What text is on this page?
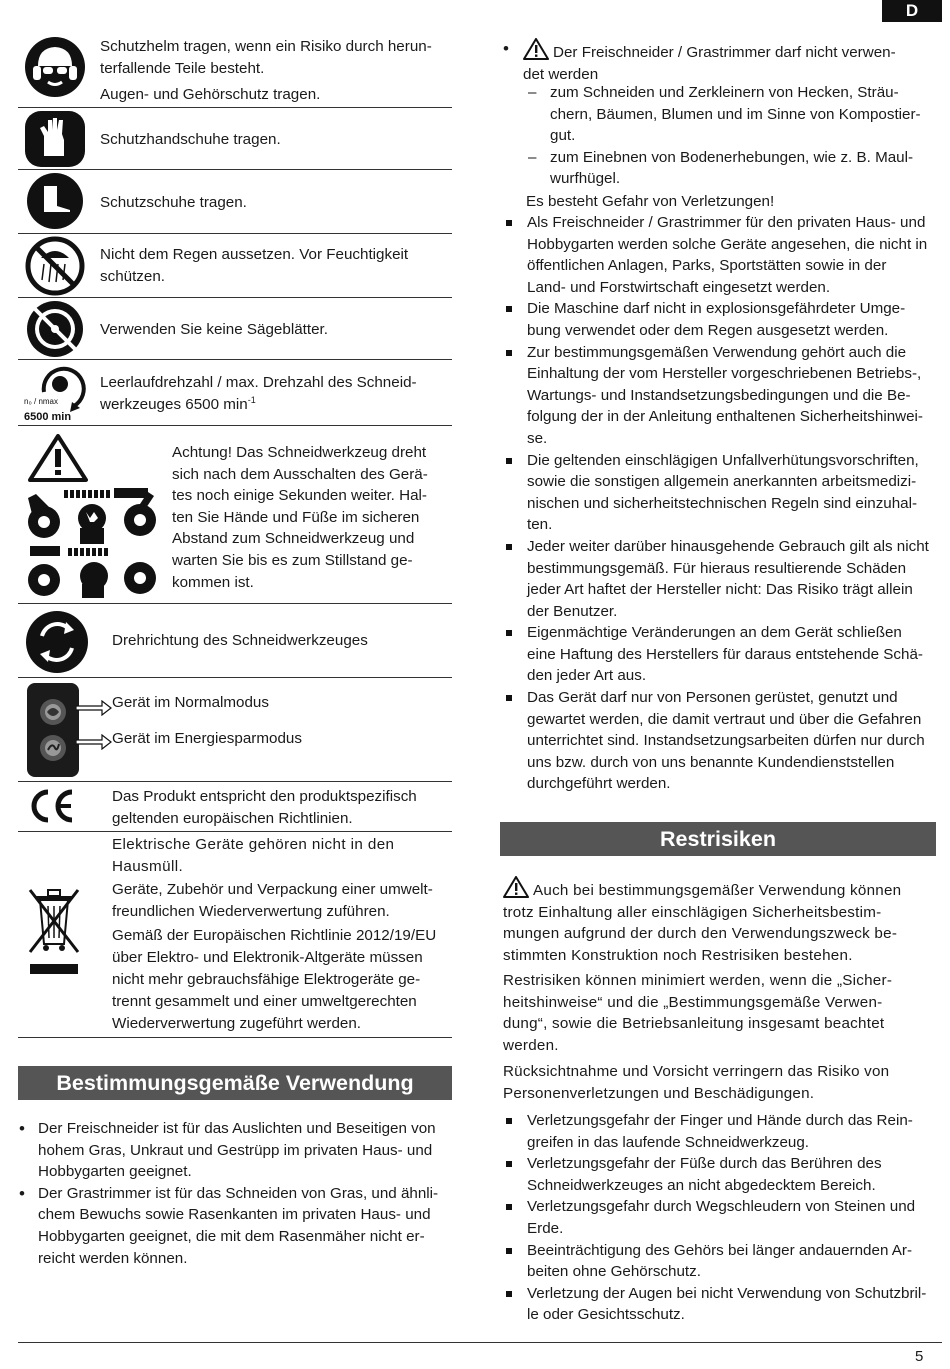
D

Schutzhelm tragen, wenn ein Risiko durch herun-

terfallende Teile besteht.

Augen- und Gehörschutz tragen.

Schutzhandschuhe tragen.

Schutzschuhe tragen.

Nicht dem Regen aussetzen. Vor Feuchtigkeit

schützen.

Verwenden Sie keine Sägeblätter.

n₀ / nmax
6500 min

Leerlaufdrehzahl / max. Drehzahl des Schneid-

werkzeuges 6500 $\min^{-1}$

Achtung! Das Schneidwerkzeug dreht

sich nach dem Ausschalten des Gerä-

tes noch einige Sekunden weiter. Hal-

ten Sie Hände und Füße im sicheren

Abstand zum Schneidwerkzeug und

warten Sie bis es zum Stillstand ge-

kommen ist.

Drehrichtung des Schneidwerkzeuges

Gerät im Normalmodus

Gerät im Energiesparmodus

Das Produkt entspricht den produktspezifisch

geltenden europäischen Richtlinien.

Elektrische Geräte gehören nicht in den

Hausmüll.

Geräte, Zubehör und Verpackung einer umwelt-

freundlichen Wiederverwertung zuführen.

Gemäß der Europäischen Richtlinie 2012/19/EU

über Elektro- und Elektronik-Altgeräte müssen

nicht mehr gebrauchsfähige Elektrogeräte ge-

trennt gesammelt und einer umweltgerechten

Wiederverwertung zugeführt werden.

Bestimmungsgemäße Verwendung
• Der Freischneider ist für das Auslichten und Beseitigen von
hohem Gras, Unkraut und Gestrüpp im privaten Haus- und
Hobbygarten geeignet.
• Der Grastrimmer ist für das Schneiden von Gras, und ähnli-
chem Bewuchs sowie Rasenkanten im privaten Haus- und
Hobbygarten geeignet, die mit dem Rasenmäher nicht er-
reicht werden können.
•	Der Freischneider / Grastrimmer darf nicht verwen-
det werden
– zum Schneiden und Zerkleinern von Hecken, Sträu-
chern, Bäumen, Blumen und im Sinne von Kompostier-
gut.
– zum Einebnen von Bodenerhebungen, wie z. B. Maul-
wurfhügel.
Es besteht Gefahr von Verletzungen!
Als Freischneider / Grastrimmer für den privaten Haus- und
Hobbygarten werden solche Geräte angesehen, die nicht in
öffentlichen Anlagen, Parks, Sportstätten sowie in der
Land- und Forstwirtschaft eingesetzt werden.
Die Maschine darf nicht in explosionsgefährdeter Umge-
bung verwendet oder dem Regen ausgesetzt werden.
Zur bestimmungsgemäßen Verwendung gehört auch die
Einhaltung der vom Hersteller vorgeschriebenen Betriebs-,
Wartungs- und Instandsetzungsbedingungen und die Be-
folgung der in der Anleitung enthaltenen Sicherheitshinwei-
se.
Die geltenden einschlägigen Unfallverhütungsvorschriften,
sowie die sonstigen allgemein anerkannten arbeitsmedizi-
nischen und sicherheitstechnischen Regeln sind einzuhal-
ten.
Jeder weiter darüber hinausgehende Gebrauch gilt als nicht
bestimmungsgemäß. Für hieraus resultierende Schäden
jeder Art haftet der Hersteller nicht: Das Risiko trägt allein
der Benutzer.
Eigenmächtige Veränderungen an dem Gerät schließen
eine Haftung des Herstellers für daraus entstehende Schä-
den jeder Art aus.
Das Gerät darf nur von Personen gerüstet, genutzt und
gewartet werden, die damit vertraut und über die Gefahren
unterrichtet sind. Instandsetzungsarbeiten dürfen nur durch
uns bzw. durch von uns benannte Kundendienststellen
durchgeführt werden.
Restrisiken
Auch bei bestimmungsgemäßer Verwendung können
trotz Einhaltung aller einschlägigen Sicherheitsbestim-
mungen aufgrund der durch den Verwendungszweck be-
stimmten Konstruktion noch Restrisiken bestehen.
Restrisiken können minimiert werden, wenn die „Sicher-
heitshinweise“ und die „Bestimmungsgemäße Verwen-
dung“, sowie die Betriebsanleitung insgesamt beachtet
werden.
Rücksichtnahme und Vorsicht verringern das Risiko von
Personenverletzungen und Beschädigungen.
Verletzungsgefahr der Finger und Hände durch das Rein-
greifen in das laufende Schneidwerkzeug.
Verletzungsgefahr der Füße durch das Berühren des
Schneidwerkzeuges an nicht abgedecktem Bereich.
Verletzungsgefahr durch Wegschleudern von Steinen und
Erde.
Beeinträchtigung des Gehörs bei länger andauernden Ar-
beiten ohne Gehörschutz.
Verletzung der Augen bei nicht Verwendung von Schutzbril-
le oder Gesichtsschutz.
5
